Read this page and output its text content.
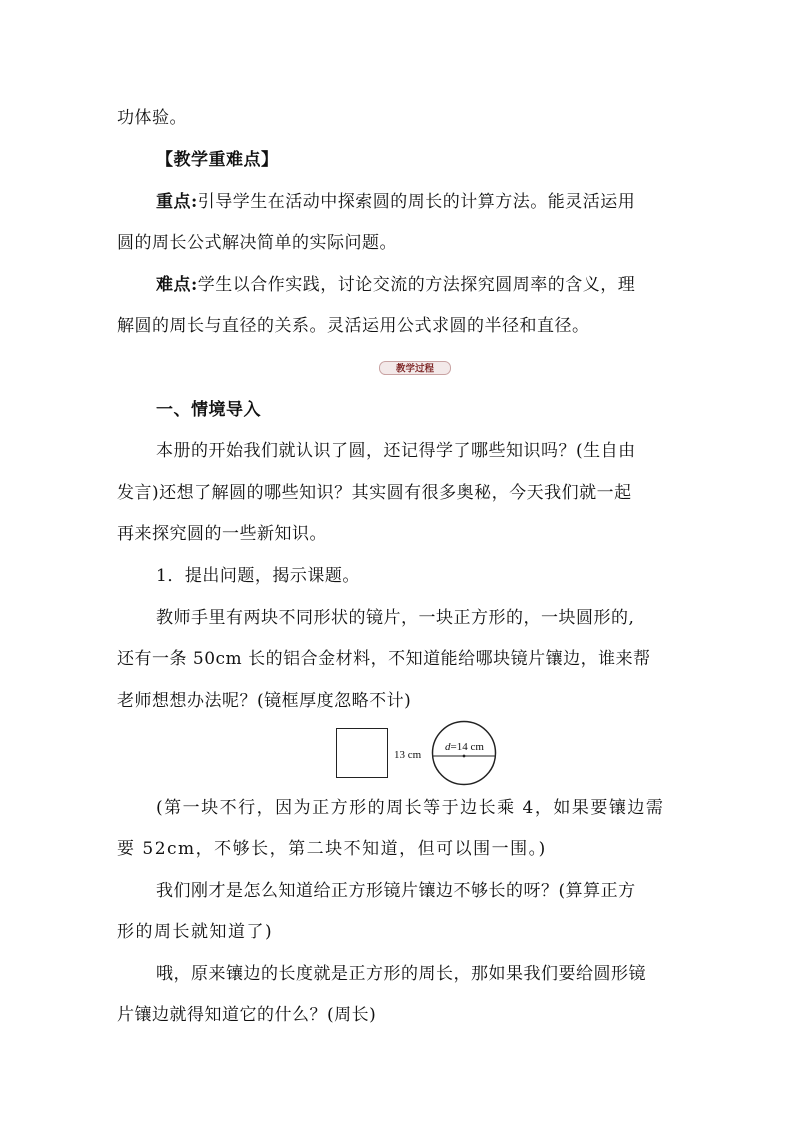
功体验。
【教学重难点】
重点:引导学生在活动中探索圆的周长的计算方法。能灵活运用
圆的周长公式解决简单的实际问题。
难点:学生以合作实践，讨论交流的方法探究圆周率的含义，理
解圆的周长与直径的关系。灵活运用公式求圆的半径和直径。
教学过程
一、情境导入
本册的开始我们就认识了圆，还记得学了哪些知识吗？(生自由
发言)还想了解圆的哪些知识？其实圆有很多奥秘，今天我们就一起
再来探究圆的一些新知识。
1．提出问题，揭示课题。
教师手里有两块不同形状的镜片，一块正方形的，一块圆形的,
还有一条 50cm 长的铝合金材料，不知道能给哪块镜片镶边，谁来帮
老师想想办法呢？(镜框厚度忽略不计)
13 cm
d=14 cm
(第一块不行，因为正方形的周长等于边长乘 4，如果要镶边需
要 52cm，不够长，第二块不知道，但可以围一围。)
我们刚才是怎么知道给正方形镜片镶边不够长的呀？(算算正方
形的周长就知道了)
哦，原来镶边的长度就是正方形的周长，那如果我们要给圆形镜
片镶边就得知道它的什么？(周长)
